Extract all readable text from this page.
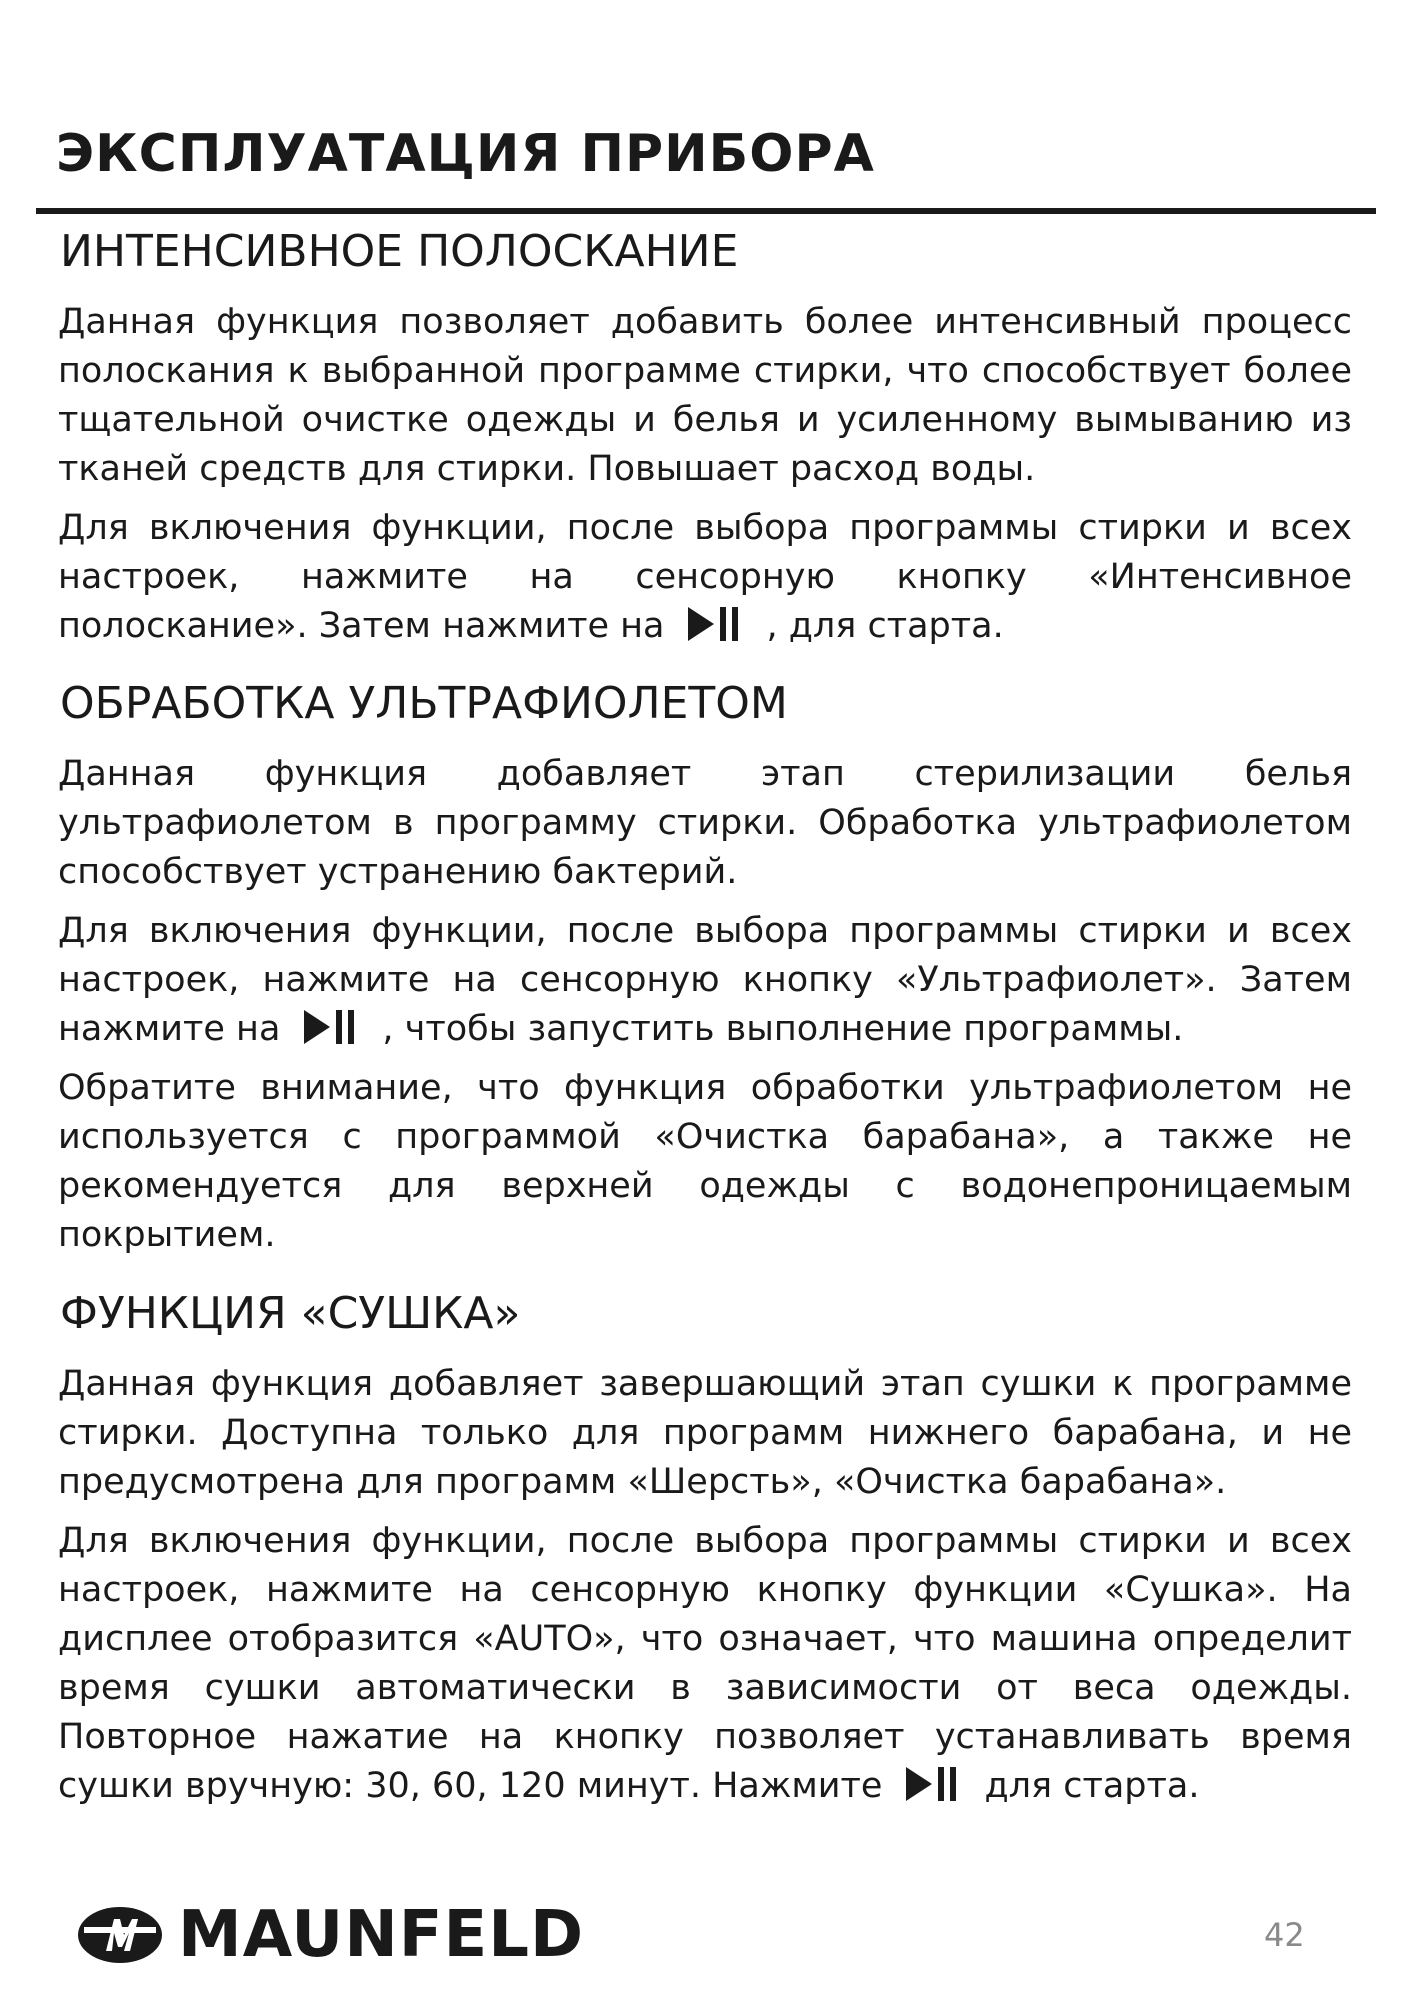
ЭКСПЛУАТАЦИЯ ПРИБОРА
ИНТЕНСИВНОЕ ПОЛОСКАНИЕ

Данная функция позволяет добавить более интенсивный процесс полоскания к выбранной программе стирки, что способствует более тщательной очистке одежды и белья и усиленному вымыванию из тканей средств для стирки. Повышает расход воды.

Для включения функции, после выбора программы стирки и всех настроек, нажмите на сенсорную кнопку «Интенсивное полоскание». Затем нажмите на	, для старта.

ОБРАБОТКА УЛЬТРАФИОЛЕТОМ

Данная функция добавляет этап стерилизации белья ультрафиолетом в программу стирки. Обработка ультрафиолетом способствует устранению бактерий.

Для включения функции, после выбора программы стирки и всех настроек, нажмите на сенсорную кнопку «Ультрафиолет». Затем нажмите на	, чтобы запустить выполнение программы.

Обратите внимание, что функция обработки ультрафиолетом не используется с программой «Очистка барабана», а также не рекомендуется для верхней одежды с водонепроницаемым покрытием.

ФУНКЦИЯ «СУШКА»

Данная функция добавляет завершающий этап сушки к программе стирки. Доступна только для программ нижнего барабана, и не предусмотрена для программ «Шерсть», «Очистка барабана».

Для включения функции, после выбора программы стирки и всех настроек, нажмите на сенсорную кнопку функции «Сушка». На дисплее отобразится «AUTO», что означает, что машина определит время сушки автоматически в зависимости от веса одежды. Повторное нажатие на кнопку позволяет устанавливать время сушки вручную: 30, 60, 120 минут. Нажмите	для старта.

MAUNFELD	42
